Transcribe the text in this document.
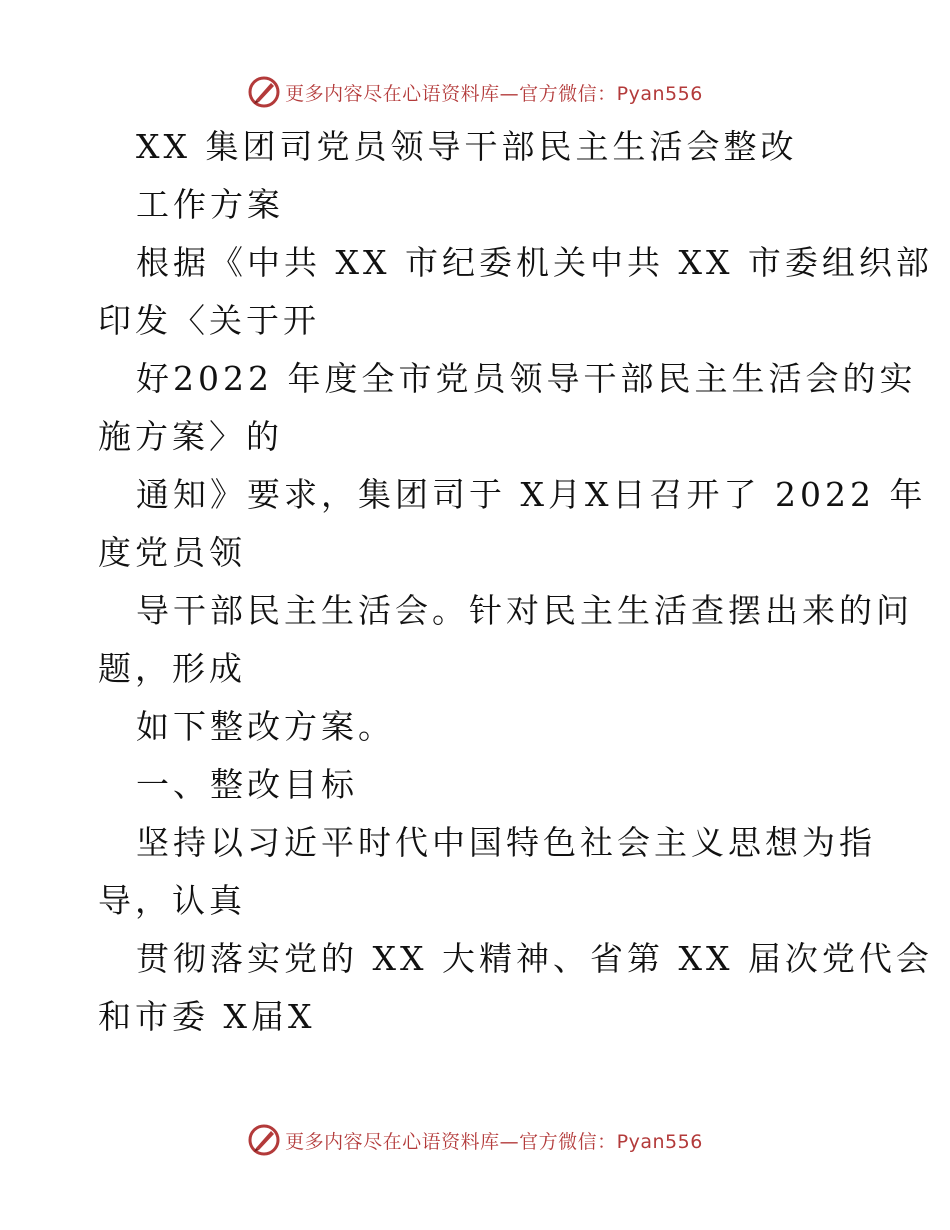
更多内容尽在心语资料库—官方微信：Pyan556

XX 集团司党员领导干部民主生活会整改

工作方案

根据《中共 XX 市纪委机关中共 XX 市委组织部

印发〈关于开

好2022 年度全市党员领导干部民主生活会的实

施方案〉的

通知》要求，集团司于 X月X日召开了 2022 年

度党员领

导干部民主生活会。针对民主生活查摆出来的问

题，形成

如下整改方案。

一、整改目标

坚持以习近平时代中国特色社会主义思想为指

导，认真

贯彻落实党的 XX 大精神、省第 XX 届次党代会

和市委 X届X

更多内容尽在心语资料库—官方微信：Pyan556
